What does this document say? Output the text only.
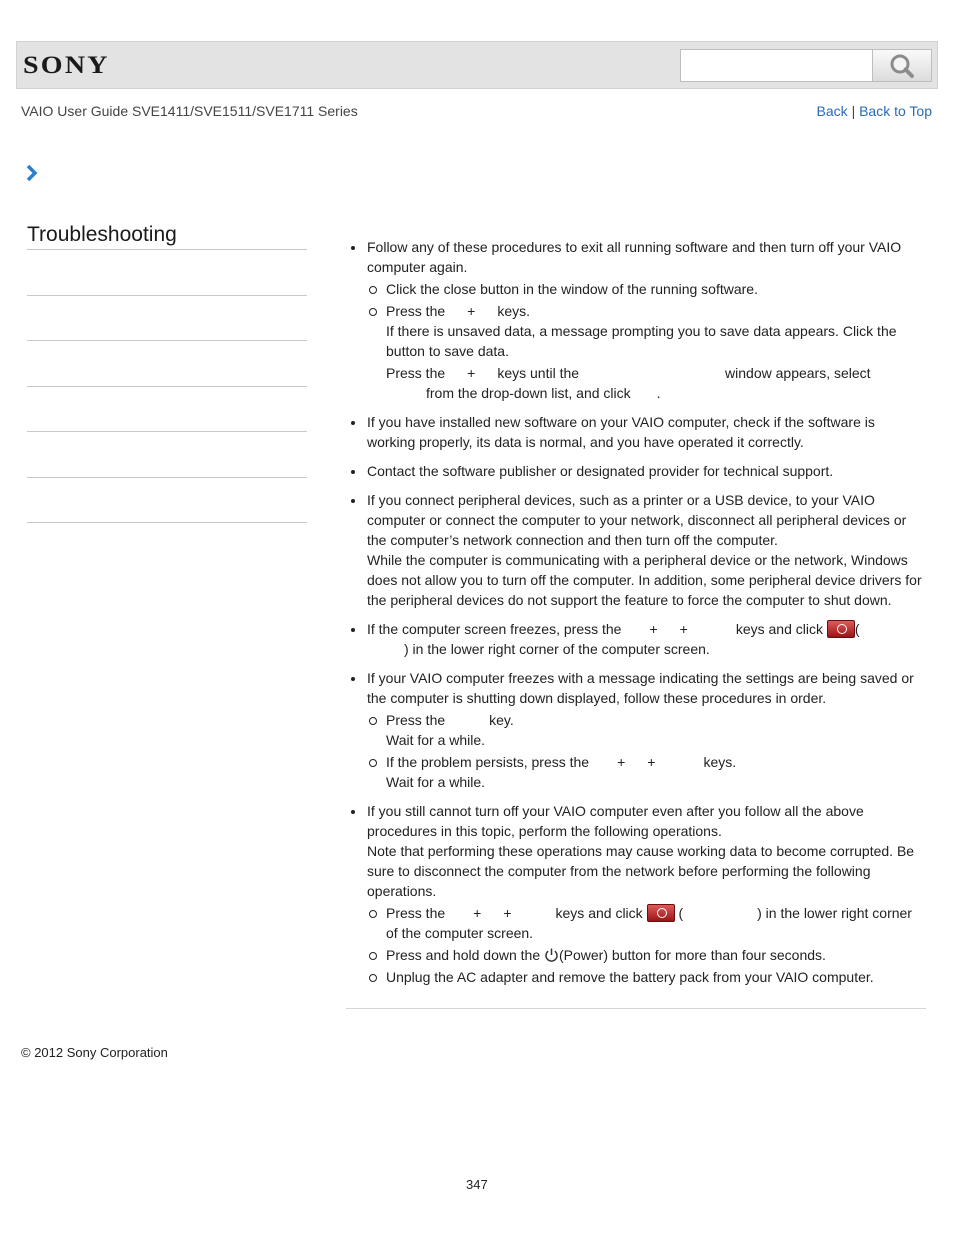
SONY
VAIO User Guide SVE1411/SVE1511/SVE1711 Series	Back | Back to Top
Troubleshooting
Follow any of these procedures to exit all running software and then turn off your VAIO computer again.
Click the close button in the window of the running software.
Press the + keys.
If there is unsaved data, a message prompting you to save data appears. Click the button to save data.
Press the + keys until the	window appears, select
from the drop-down list, and click .
If you have installed new software on your VAIO computer, check if the software is working properly, its data is normal, and you have operated it correctly.
Contact the software publisher or designated provider for technical support.
If you connect peripheral devices, such as a printer or a USB device, to your VAIO computer or connect the computer to your network, disconnect all peripheral devices or the computer’s network connection and then turn off the computer.
While the computer is communicating with a peripheral device or the network, Windows does not allow you to turn off the computer. In addition, some peripheral device drivers for the peripheral devices do not support the feature to force the computer to shut down.
If the computer screen freezes, press the + +	keys and click (
) in the lower right corner of the computer screen.
If your VAIO computer freezes with a message indicating the settings are being saved or the computer is shutting down displayed, follow these procedures in order.
Press the	key.
Wait for a while.
If the problem persists, press the + +	keys.
Wait for a while.
If you still cannot turn off your VAIO computer even after you follow all the above procedures in this topic, perform the following operations.
Note that performing these operations may cause working data to become corrupted. Be sure to disconnect the computer from the network before performing the following operations.
Press the + +	keys and click	(	) in the lower right corner of the computer screen.
Press and hold down the (Power) button for more than four seconds.
Unplug the AC adapter and remove the battery pack from your VAIO computer.
© 2012 Sony Corporation
347
